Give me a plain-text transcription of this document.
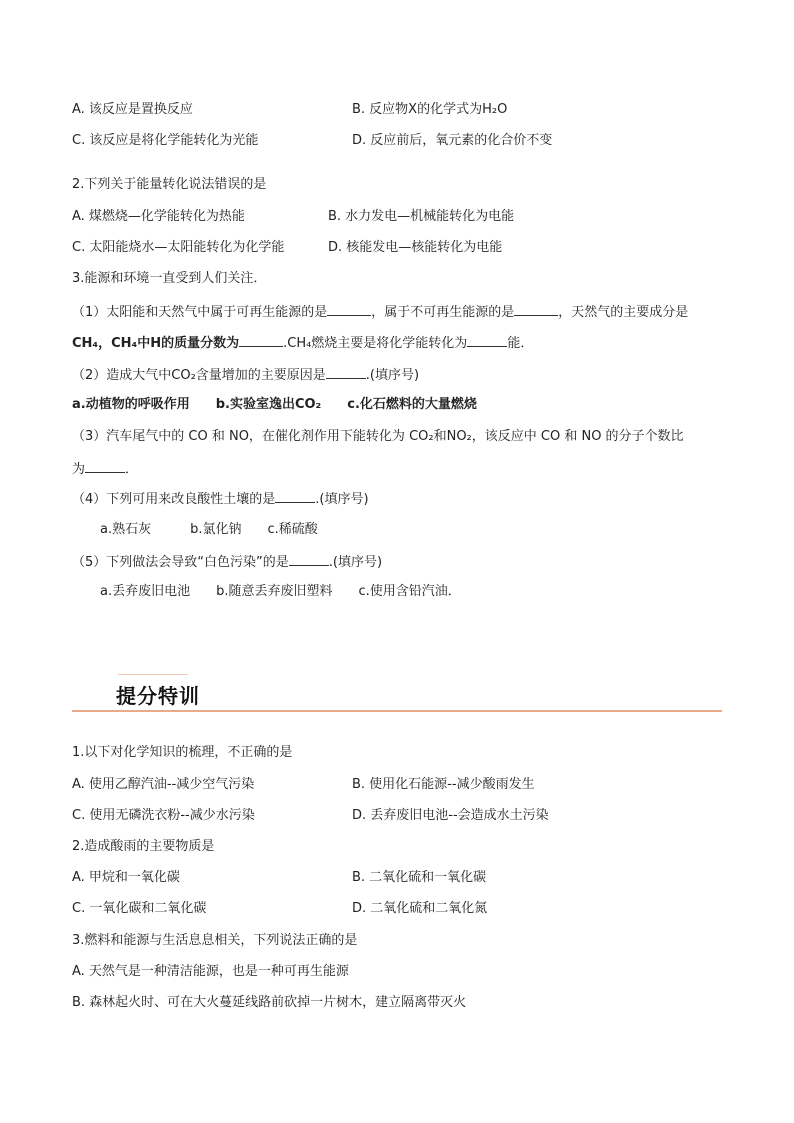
A. 该反应是置换反应	B. 反应物X的化学式为H₂O
C. 该反应是将化学能转化为光能	D. 反应前后，氧元素的化合价不变
2.下列关于能量转化说法错误的是
A. 煤燃烧—化学能转化为热能	B. 水力发电—机械能转化为电能
C. 太阳能烧水—太阳能转化为化学能	D. 核能发电—核能转化为电能
3.能源和环境一直受到人们关注．
（1）太阳能和天然气中属于可再生能源的是	，属于不可再生能源的是	，天然气的主要成分是
CH₄，CH₄中H的质量分数为	.CH₄燃烧主要是将化学能转化为	能．
（2）造成大气中CO₂含量增加的主要原因是	.(填序号)
a.动植物的呼吸作用　　b.实验室逸出CO₂　　c.化石燃料的大量燃烧
（3）汽车尾气中的 CO 和 NO，在催化剂作用下能转化为 CO₂和NO₂，该反应中 CO 和 NO 的分子个数比
为	．
（4）下列可用来改良酸性土壤的是	.(填序号)
a.熟石灰　　　b.氯化钠　　c.稀硫酸
（5）下列做法会导致“白色污染”的是	.(填序号)
a.丢弃废旧电池　　b.随意丢弃废旧塑料　　c.使用含铅汽油．
提分特训
1.以下对化学知识的梳理，不正确的是
A. 使用乙醇汽油--减少空气污染	B. 使用化石能源--减少酸雨发生
C. 使用无磷洗衣粉--减少水污染	D. 丢弃废旧电池--会造成水土污染
2.造成酸雨的主要物质是
A. 甲烷和一氧化碳	B. 二氧化硫和一氧化碳
C. 一氧化碳和二氧化碳	D. 二氧化硫和二氧化氮
3.燃料和能源与生活息息相关，下列说法正确的是
A. 天然气是一种清洁能源，也是一种可再生能源
B. 森林起火时、可在大火蔓延线路前砍掉一片树木，建立隔离带灭火
